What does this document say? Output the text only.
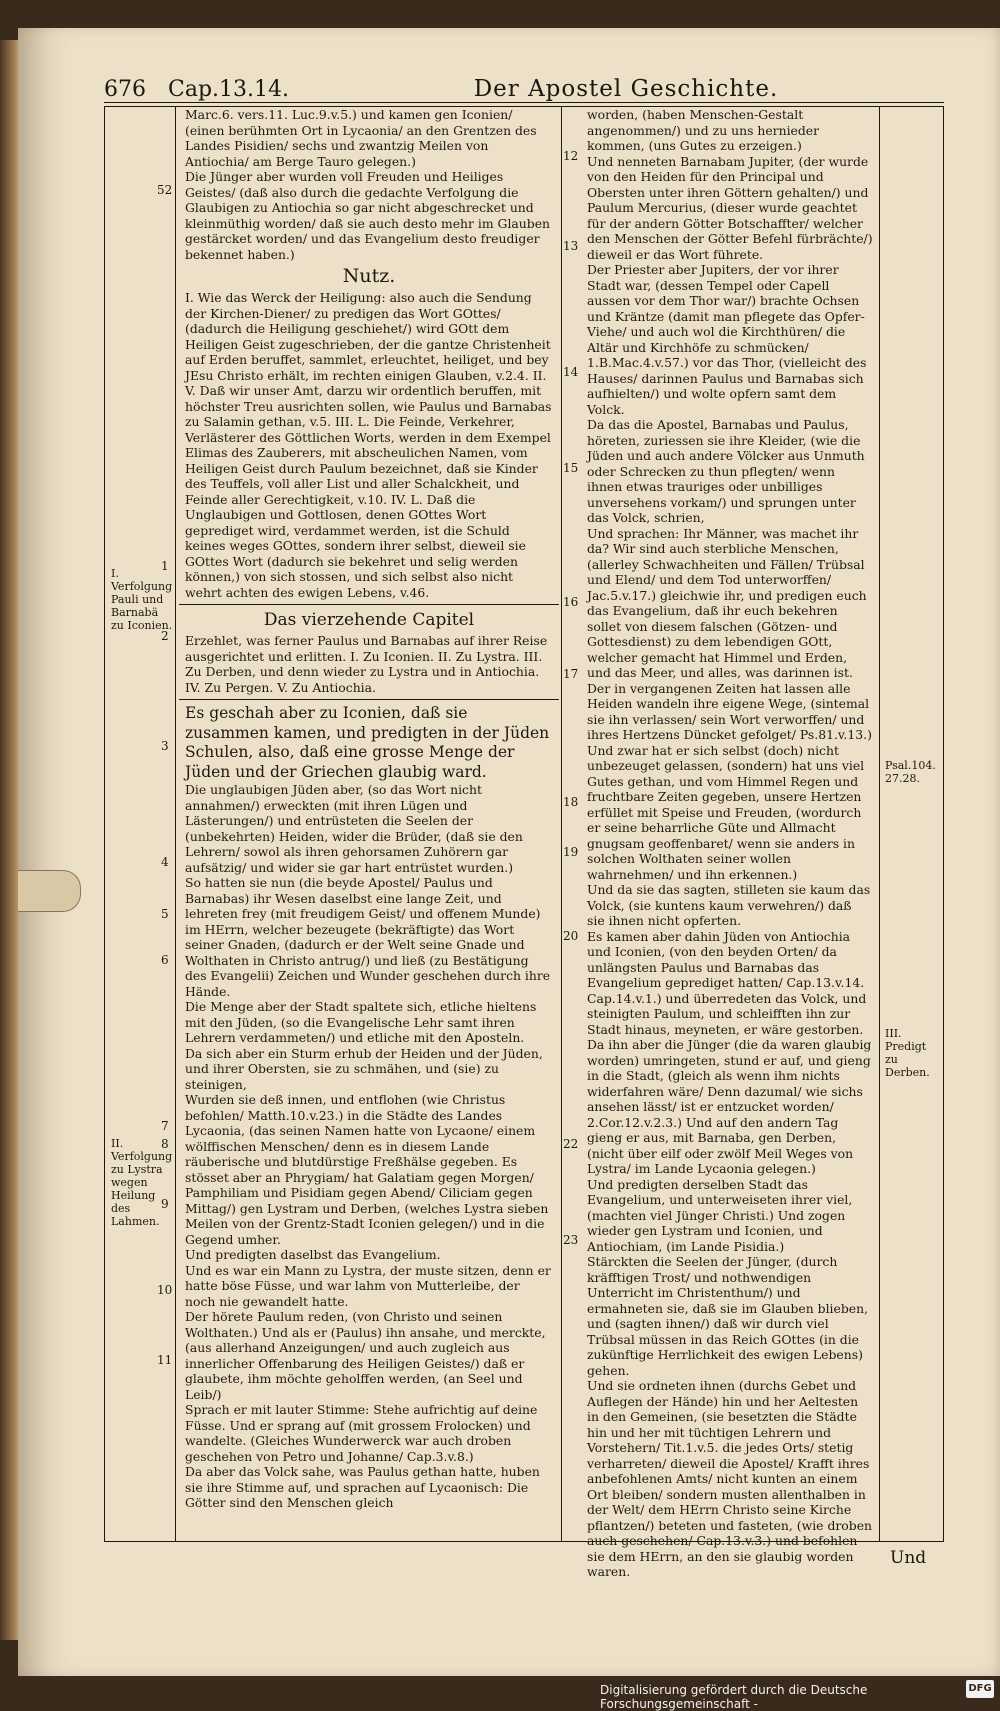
676	Cap.13.14.	Der Apostel Geschichte.
I. Verfolgung Pauli und Barnabä zu Iconien.
II. Verfolgung zu Lystra wegen Heilung des Lahmen.
Psal.104. 27.28.
III. Predigt zu Derben.
52
1
2
3
4
5
6
7
8
9
10
11
12
13
14
15
16
17
18
19
20
22
23

Marc.6. vers.11. Luc.9.v.5.) und kamen gen Iconien/

(einen berühmten Ort in Lycaonia/ an den Grentzen des Landes Pisidien/ sechs und zwantzig Meilen von Antiochia/ am Berge Tauro gelegen.)

Die Jünger aber wurden voll Freuden und Heiliges Geistes/ (daß also durch die gedachte Verfolgung die Glaubigen zu Antiochia so gar nicht abgeschrecket und kleinmüthig worden/ daß sie auch desto mehr im Glauben gestärcket worden/ und das Evangelium desto freudiger bekennet haben.)

Nutz.

I. Wie das Werck der Heiligung: also auch die Sendung der Kirchen-Diener/ zu predigen das Wort GOttes/ (dadurch die Heiligung geschiehet/) wird GOtt dem Heiligen Geist zugeschrieben, der die gantze Christenheit auf Erden beruffet, sammlet, erleuchtet, heiliget, und bey JEsu Christo erhält, im rechten einigen Glauben, v.2.4. II. V. Daß wir unser Amt, darzu wir ordentlich beruffen, mit höchster Treu ausrichten sollen, wie Paulus und Barnabas zu Salamin gethan, v.5. III. L. Die Feinde, Verkehrer, Verlästerer des Göttlichen Worts, werden in dem Exempel Elimas des Zauberers, mit abscheulichen Namen, vom Heiligen Geist durch Paulum bezeichnet, daß sie Kinder des Teuffels, voll aller List und aller Schalckheit, und Feinde aller Gerechtigkeit, v.10. IV. L. Daß die Unglaubigen und Gottlosen, denen GOttes Wort geprediget wird, verdammet werden, ist die Schuld keines weges GOttes, sondern ihrer selbst, dieweil sie GOttes Wort (dadurch sie bekehret und selig werden können,) von sich stossen, und sich selbst also nicht wehrt achten des ewigen Lebens, v.46.

Das vierzehende Capitel

Erzehlet, was ferner Paulus und Barnabas auf ihrer Reise ausgerichtet und erlitten. I. Zu Iconien. II. Zu Lystra. III. Zu Derben, und denn wieder zu Lystra und in Antiochia. IV. Zu Pergen. V. Zu Antiochia.

Es geschah aber zu Iconien, daß sie zusammen kamen, und predigten in der Jüden Schulen, also, daß eine grosse Menge der Jüden und der Griechen glaubig ward.

Die unglaubigen Jüden aber, (so das Wort nicht annahmen/) erweckten (mit ihren Lügen und Lästerungen/) und entrüsteten die Seelen der (unbekehrten) Heiden, wider die Brüder, (daß sie den Lehrern/ sowol als ihren gehorsamen Zuhörern gar aufsätzig/ und wider sie gar hart entrüstet wurden.)

So hatten sie nun (die beyde Apostel/ Paulus und Barnabas) ihr Wesen daselbst eine lange Zeit, und lehreten frey (mit freudigem Geist/ und offenem Munde) im HErrn, welcher bezeugete (bekräftigte) das Wort seiner Gnaden, (dadurch er der Welt seine Gnade und Wolthaten in Christo antrug/) und ließ (zu Bestätigung des Evangelii) Zeichen und Wunder geschehen durch ihre Hände.

Die Menge aber der Stadt spaltete sich, etliche hieltens mit den Jüden, (so die Evangelische Lehr samt ihren Lehrern verdammeten/) und etliche mit den Aposteln.

Da sich aber ein Sturm erhub der Heiden und der Jüden, und ihrer Obersten, sie zu schmähen, und (sie) zu steinigen,

Wurden sie deß innen, und entflohen (wie Christus befohlen/ Matth.10.v.23.) in die Städte des Landes Lycaonia, (das seinen Namen hatte von Lycaone/ einem wölffischen Menschen/ denn es in diesem Lande räuberische und blutdürstige Freßhälse gegeben. Es stösset aber an Phrygiam/ hat Galatiam gegen Morgen/ Pamphiliam und Pisidiam gegen Abend/ Ciliciam gegen Mittag/) gen Lystram und Derben, (welches Lystra sieben Meilen von der Grentz-Stadt Iconien gelegen/) und in die Gegend umher.

Und predigten daselbst das Evangelium.

Und es war ein Mann zu Lystra, der muste sitzen, denn er hatte böse Füsse, und war lahm von Mutterleibe, der noch nie gewandelt hatte.

Der hörete Paulum reden, (von Christo und seinen Wolthaten.) Und als er (Paulus) ihn ansahe, und merckte, (aus allerhand Anzeigungen/ und auch zugleich aus innerlicher Offenbarung des Heiligen Geistes/) daß er glaubete, ihm möchte geholffen werden, (an Seel und Leib/)

Sprach er mit lauter Stimme: Stehe aufrichtig auf deine Füsse. Und er sprang auf (mit grossem Frolocken) und wandelte. (Gleiches Wunderwerck war auch droben geschehen von Petro und Johanne/ Cap.3.v.8.)

Da aber das Volck sahe, was Paulus gethan hatte, huben sie ihre Stimme auf, und sprachen auf Lycaonisch: Die Götter sind den Menschen gleich

worden, (haben Menschen-Gestalt angenommen/) und zu uns hernieder kommen, (uns Gutes zu erzeigen.)

Und nenneten Barnabam Jupiter, (der wurde von den Heiden für den Principal und Obersten unter ihren Göttern gehalten/) und Paulum Mercurius, (dieser wurde geachtet für der andern Götter Botschaffter/ welcher den Menschen der Götter Befehl fürbrächte/) dieweil er das Wort führete.

Der Priester aber Jupiters, der vor ihrer Stadt war, (dessen Tempel oder Capell aussen vor dem Thor war/) brachte Ochsen und Kräntze (damit man pflegete das Opfer-Viehe/ und auch wol die Kirchthüren/ die Altär und Kirchhöfe zu schmücken/ 1.B.Mac.4.v.57.) vor das Thor, (vielleicht des Hauses/ darinnen Paulus und Barnabas sich aufhielten/) und wolte opfern samt dem Volck.

Da das die Apostel, Barnabas und Paulus, höreten, zuriessen sie ihre Kleider, (wie die Jüden und auch andere Völcker aus Unmuth oder Schrecken zu thun pflegten/ wenn ihnen etwas trauriges oder unbilliges unversehens vorkam/) und sprungen unter das Volck, schrien,

Und sprachen: Ihr Männer, was machet ihr da? Wir sind auch sterbliche Menschen, (allerley Schwachheiten und Fällen/ Trübsal und Elend/ und dem Tod unterworffen/ Jac.5.v.17.) gleichwie ihr, und predigen euch das Evangelium, daß ihr euch bekehren sollet von diesem falschen (Götzen- und Gottesdienst) zu dem lebendigen GOtt, welcher gemacht hat Himmel und Erden, und das Meer, und alles, was darinnen ist.

Der in vergangenen Zeiten hat lassen alle Heiden wandeln ihre eigene Wege, (sintemal sie ihn verlassen/ sein Wort verworffen/ und ihres Hertzens Düncket gefolget/ Ps.81.v.13.)

Und zwar hat er sich selbst (doch) nicht unbezeuget gelassen, (sondern) hat uns viel Gutes gethan, und vom Himmel Regen und fruchtbare Zeiten gegeben, unsere Hertzen erfüllet mit Speise und Freuden, (wordurch er seine beharrliche Güte und Allmacht gnugsam geoffenbaret/ wenn sie anders in solchen Wolthaten seiner wollen wahrnehmen/ und ihn erkennen.)

Und da sie das sagten, stilleten sie kaum das Volck, (sie kuntens kaum verwehren/) daß sie ihnen nicht opferten.

Es kamen aber dahin Jüden von Antiochia und Iconien, (von den beyden Orten/ da unlängsten Paulus und Barnabas das Evangelium geprediget hatten/ Cap.13.v.14. Cap.14.v.1.) und überredeten das Volck, und steinigten Paulum, und schleifften ihn zur Stadt hinaus, meyneten, er wäre gestorben.

Da ihn aber die Jünger (die da waren glaubig worden) umringeten, stund er auf, und gieng in die Stadt, (gleich als wenn ihm nichts widerfahren wäre/ Denn dazumal/ wie sichs ansehen lässt/ ist er entzucket worden/ 2.Cor.12.v.2.3.) Und auf den andern Tag gieng er aus, mit Barnaba, gen Derben, (nicht über eilf oder zwölf Meil Weges von Lystra/ im Lande Lycaonia gelegen.)

Und predigten derselben Stadt das Evangelium, und unterweiseten ihrer viel, (machten viel Jünger Christi.) Und zogen wieder gen Lystram und Iconien, und Antiochiam, (im Lande Pisidia.)

Stärckten die Seelen der Jünger, (durch kräfftigen Trost/ und nothwendigen Unterricht im Christenthum/) und ermahneten sie, daß sie im Glauben blieben, und (sagten ihnen/) daß wir durch viel Trübsal müssen in das Reich GOttes (in die zukünftige Herrlichkeit des ewigen Lebens) gehen.

Und sie ordneten ihnen (durchs Gebet und Auflegen der Hände) hin und her Aeltesten in den Gemeinen, (sie besetzten die Städte hin und her mit tüchtigen Lehrern und Vorstehern/ Tit.1.v.5. die jedes Orts/ stetig verharreten/ dieweil die Apostel/ Krafft ihres anbefohlenen Amts/ nicht kunten an einem Ort bleiben/ sondern musten allenthalben in der Welt/ dem HErrn Christo seine Kirche pflantzen/) beteten und fasteten, (wie droben auch geschehen/ Cap.13.v.3.) und befohlen sie dem HErrn, an den sie glaubig worden waren.

Und
Digitalisierung gefördert durch die Deutsche Forschungsgemeinschaft -
DFG
